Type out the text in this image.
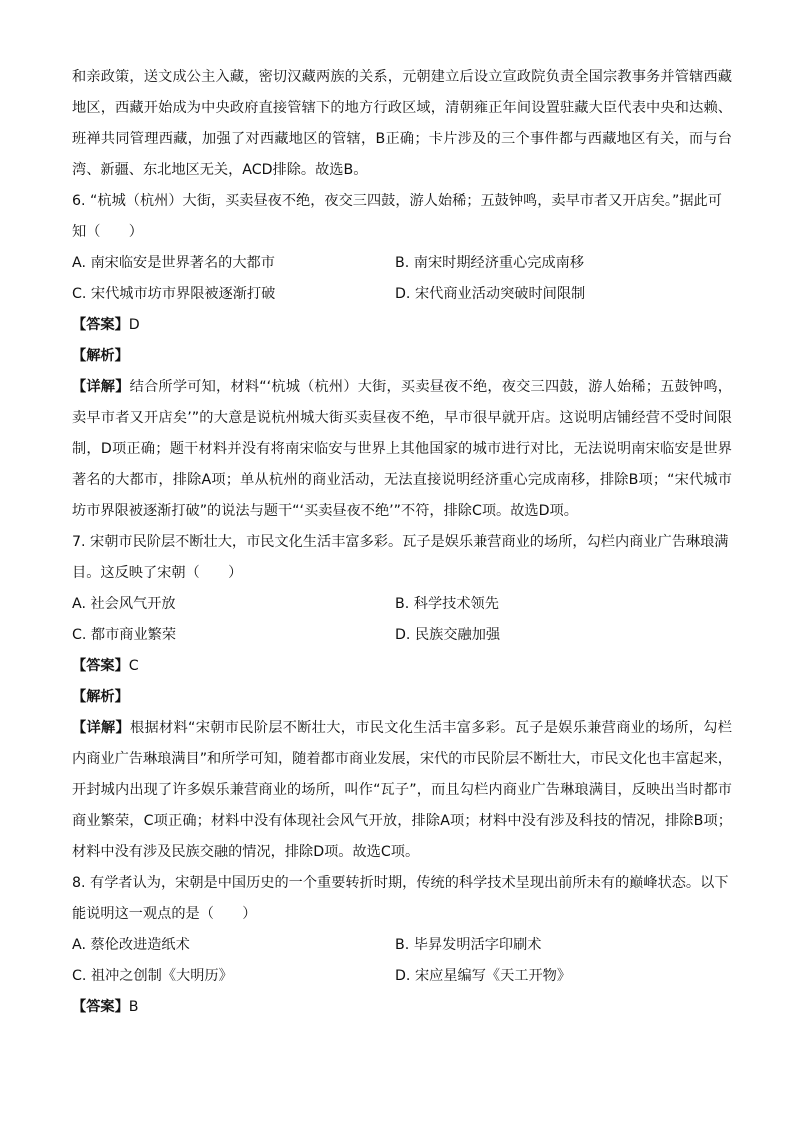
和亲政策，送文成公主入藏，密切汉藏两族的关系，元朝建立后设立宣政院负责全国宗教事务并管辖西藏地区，西藏开始成为中央政府直接管辖下的地方行政区域，清朝雍正年间设置驻藏大臣代表中央和达赖、班禅共同管理西藏，加强了对西藏地区的管辖，B正确；卡片涉及的三个事件都与西藏地区有关，而与台湾、新疆、东北地区无关，ACD排除。故选B。

6. “杭城（杭州）大街，买卖昼夜不绝，夜交三四鼓，游人始稀；五鼓钟鸣，卖早市者又开店矣。”据此可知（　　）

A. 南宋临安是世界著名的大都市	B. 南宋时期经济重心完成南移
C. 宋代城市坊市界限被逐渐打破	D. 宋代商业活动突破时间限制

【答案】D

【解析】

【详解】结合所学可知，材料“‘杭城（杭州）大街，买卖昼夜不绝，夜交三四鼓，游人始稀；五鼓钟鸣，卖早市者又开店矣’”的大意是说杭州城大街买卖昼夜不绝，早市很早就开店。这说明店铺经营不受时间限制，D项正确；题干材料并没有将南宋临安与世界上其他国家的城市进行对比，无法说明南宋临安是世界著名的大都市，排除A项；单从杭州的商业活动，无法直接说明经济重心完成南移，排除B项；“宋代城市坊市界限被逐渐打破”的说法与题干“‘买卖昼夜不绝’”不符，排除C项。故选D项。

7. 宋朝市民阶层不断壮大，市民文化生活丰富多彩。瓦子是娱乐兼营商业的场所，勾栏内商业广告琳琅满目。这反映了宋朝（　　）

A. 社会风气开放	B. 科学技术领先
C. 都市商业繁荣	D. 民族交融加强

【答案】C

【解析】

【详解】根据材料“宋朝市民阶层不断壮大，市民文化生活丰富多彩。瓦子是娱乐兼营商业的场所，勾栏内商业广告琳琅满目”和所学可知，随着都市商业发展，宋代的市民阶层不断壮大，市民文化也丰富起来，开封城内出现了许多娱乐兼营商业的场所，叫作“瓦子”，而且勾栏内商业广告琳琅满目，反映出当时都市商业繁荣，C项正确；材料中没有体现社会风气开放，排除A项；材料中没有涉及科技的情况，排除B项；材料中没有涉及民族交融的情况，排除D项。故选C项。

8. 有学者认为，宋朝是中国历史的一个重要转折时期，传统的科学技术呈现出前所未有的巅峰状态。以下能说明这一观点的是（　　）

A. 蔡伦改进造纸术	B. 毕昇发明活字印刷术
C. 祖冲之创制《大明历》	D. 宋应星编写《天工开物》

【答案】B
